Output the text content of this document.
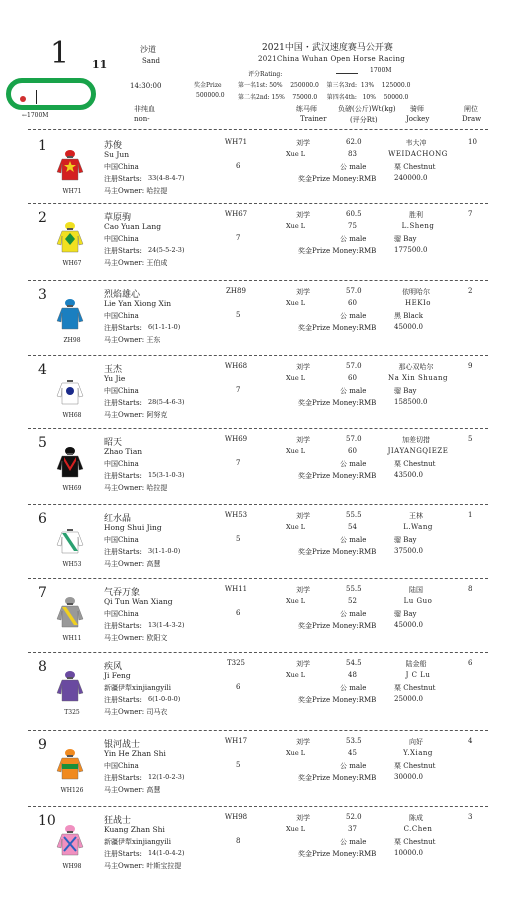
1 11
沙道
Sand
2021中国・武汉速度赛马公开赛
2021China Wuhan Open Horse Racing
评分Rating:
1700M
←1700M
14:30:00	奖金Prize
500000.0
第一名1st: 50%    250000.0    第三名3rd:  13%    125000.0
第二名2nd: 15%    75000.0     第四名4th:   10%    50000.0
非纯血
non-
练马师
Trainer
负磅(公斤)Wt(kg)
(评分Rt)
骑师
Jockey
闸位
Draw
1
WH71
苏俊
Su Jun
中国China
注册Starts: 33(4-8-4-7)
马主Owner: 哈拉提
WH71
6
刘学
Xue L
62.0
83
公 male
奖金Prize Money:RMB
韦大冲
WEIDACHONG
栗 Chestnut
240000.0
10
2
WH67
草原驹
Cao Yuan Lang
中国China
注册Starts: 24(5-5-2-3)
马主Owner: 王伯成
WH67
7
刘学
Xue L
60.5
75
公 male
奖金Prize Money:RMB
胜利
L.Sheng
骝 Bay
177500.0
7
3
ZH98
烈焰雄心
Lie Yan Xiong Xin
中国China
注册Starts: 6(1-1-1-0)
马主Owner: 王东
ZH89
5
刘学
Xue L
57.0
60
公 male
奖金Prize Money:RMB
依明哈尔
HEKIo
黑 Black
45000.0
2
4
WH68
玉杰
Yu Jie
中国China
注册Starts: 28(5-4-6-3)
马主Owner: 阿努克
WH68
7
刘学
Xue L
57.0
60
公 male
奖金Prize Money:RMB
那心双哈尔
Na Xin Shuang
骝 Bay
158500.0
9
5
WH69
昭天
Zhao Tian
中国China
注册Starts: 15(3-1-0-3)
马主Owner: 哈拉提
WH69
7
刘学
Xue L
57.0
60
公 male
奖金Prize Money:RMB
加差切措
JIAYANGQIEZE
栗 Chestnut
43500.0
5
6
WH53
红水晶
Hong Shui Jing
中国China
注册Starts: 3(1-1-0-0)
马主Owner: 高慧
WH53
5
刘学
Xue L
55.5
54
公 male
奖金Prize Money:RMB
王林
L.Wang
骝 Bay
37500.0
1
7
WH11
气吞万象
Qi Tun Wan Xiang
中国China
注册Starts: 13(1-4-3-2)
马主Owner: 欧阳文
WH11
6
刘学
Xue L
55.5
52
公 male
奖金Prize Money:RMB
陆国
Lu Guo
骝 Bay
45000.0
8
8
T325
疾风
Ji Feng
新疆伊犁xinjiangyili
注册Starts: 6(1-0-0-0)
马主Owner: 司马衣
T325
6
刘学
Xue L
54.5
48
公 male
奖金Prize Money:RMB
陆金船
J C Lu
栗 Chestnut
25000.0
6
9
WH126
银河战士
Yin He Zhan Shi
中国China
注册Starts: 12(1-0-2-3)
马主Owner: 高慧
WH17
5
刘学
Xue L
53.5
45
公 male
奖金Prize Money:RMB
向好
Y.Xiang
栗 Chestnut
30000.0
4
10
WH98
狂战士
Kuang Zhan Shi
新疆伊犁xinjiangyili
注册Starts: 14(1-0-4-2)
马主Owner: 叶斯宝拉提
WH98
8
刘学
Xue L
52.0
37
公 male
奖金Prize Money:RMB
陈成
C.Chen
栗 Chestnut
10000.0
3
